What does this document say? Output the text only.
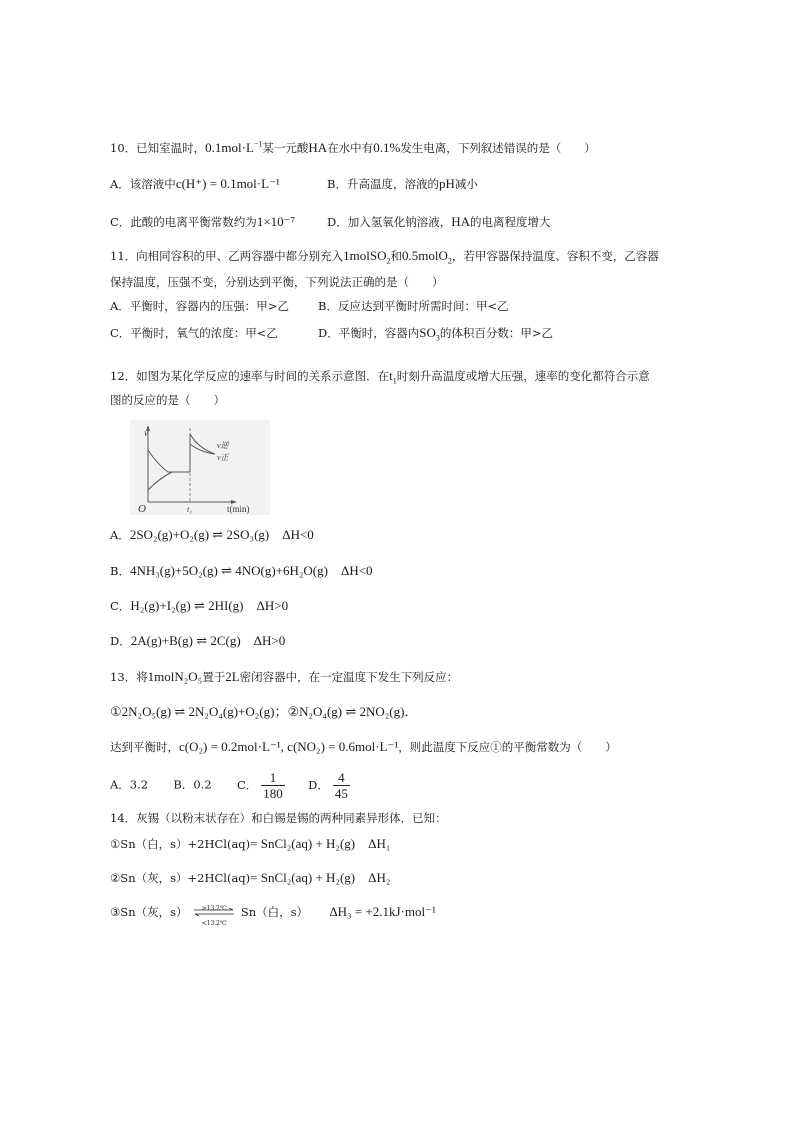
10．已知室温时，$0.1mol\cdot L^{-1}$某一元酸HA在水中有0.1%发生电离，下列叙述错误的是（　　）
A．该溶液中c(H⁺) = 0.1mol·L⁻¹	B．升高温度，溶液的pH减小
C．此酸的电离平衡常数约为1×10⁻⁷	D．加入氢氧化钠溶液，HA的电离程度增大
11．向相同容积的甲、乙两容器中都分别充入1molSO$_2$和0.5molO$_2$，若甲容器保持温度、容积不变，乙容器
保持温度，压强不变，分别达到平衡，下列说法正确的是（　　）
A．平衡时，容器内的压强：甲>乙	B．反应达到平衡时所需时间：甲<乙
C．平衡时，氧气的浓度：甲<乙	D．平衡时，容器内$SO_3$的体积百分数：甲>乙
12．如图为某化学反应的速率与时间的关系示意图．在$t_1$时刻升高温度或增大压强，速率的变化都符合示意
图的反应的是（　　）
v
O	t(min)
t₁
v逆
v正
A．2SO₂(g)+O₂(g) ⇌ 2SO₃(g)　ΔH<0
B．4NH₃(g)+5O₂(g) ⇌ 4NO(g)+6H₂O(g)　ΔH<0
C．H₂(g)+I₂(g) ⇌ 2HI(g)　ΔH>0
D．2A(g)+B(g) ⇌ 2C(g)　ΔH>0
13．将1molN₂O₅置于2L密闭容器中，在一定温度下发生下列反应：
①2N₂O₅(g) ⇌ 2N₂O₄(g)+O₂(g)；②N₂O₄(g) ⇌ 2NO₂(g)．
达到平衡时，c(O₂) = 0.2mol·L⁻¹, c(NO₂) = 0.6mol·L⁻¹，则此温度下反应①的平衡常数为（　　）
A．3.2 B．0.2 C． $\frac{1}{180}$ D． $\frac{4}{45}$
14．灰锡（以粉末状存在）和白锡是锡的两种同素异形体．已知：
①Sn（白，s）+2HCl(aq)= SnCl₂(aq) + H₂(g)　ΔH₁
②Sn（灰，s）+2HCl(aq)= SnCl₂(aq) + H₂(g)　ΔH₂
③Sn（灰，s）	>13.2℃
<13.2℃
Sn（白，s） ΔH₃ = +2.1kJ·mol⁻¹
